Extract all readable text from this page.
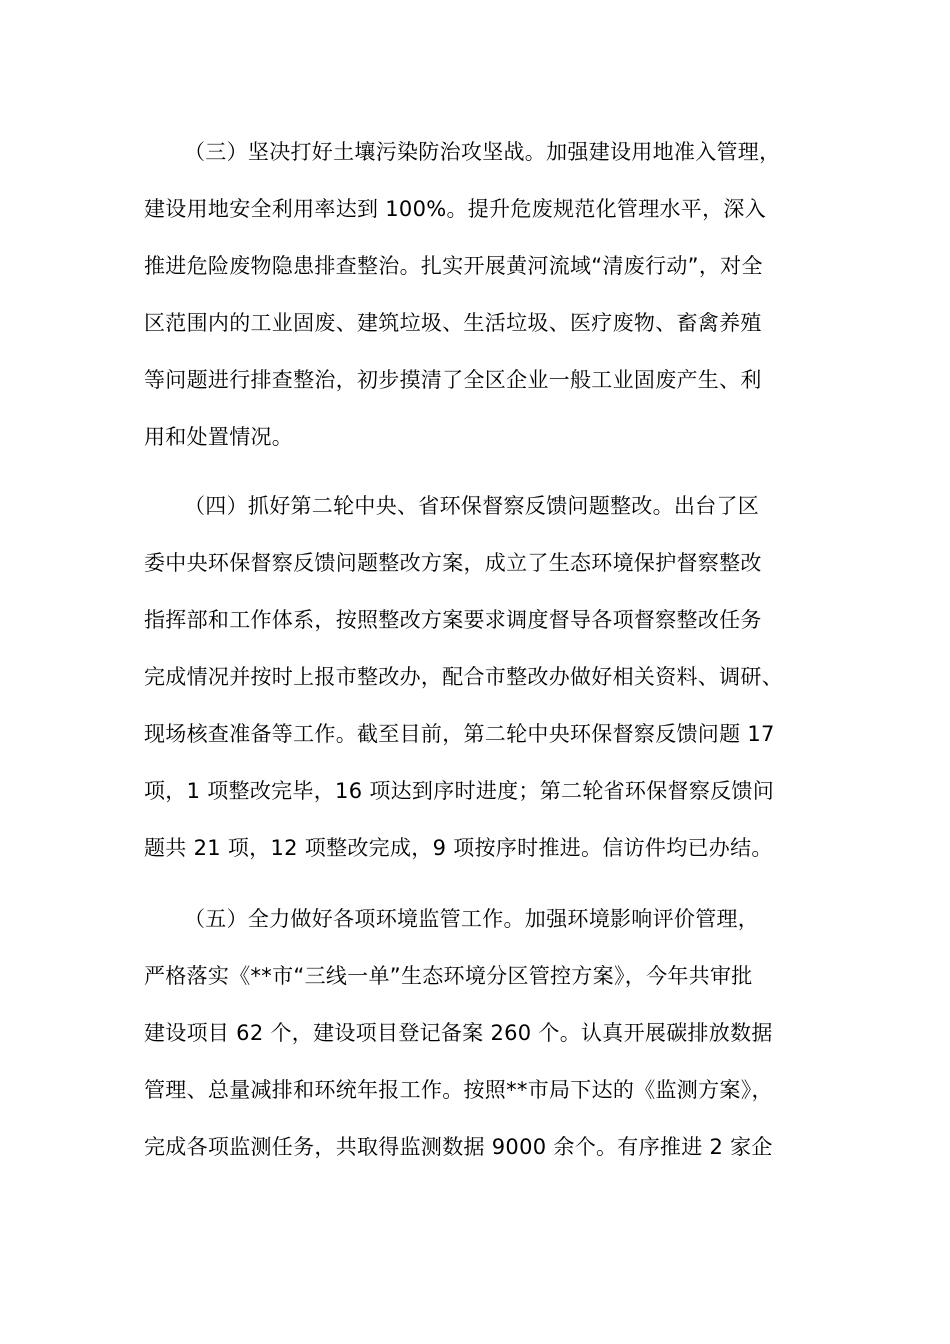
（三）坚决打好土壤污染防治攻坚战。加强建设用地准入管理，
建设用地安全利用率达到 100%。提升危废规范化管理水平，深入
推进危险废物隐患排查整治。扎实开展黄河流域“清废行动”，对全
区范围内的工业固废、建筑垃圾、生活垃圾、医疗废物、畜禽养殖
等问题进行排查整治，初步摸清了全区企业一般工业固废产生、利
用和处置情况。
（四）抓好第二轮中央、省环保督察反馈问题整改。出台了区
委中央环保督察反馈问题整改方案，成立了生态环境保护督察整改
指挥部和工作体系，按照整改方案要求调度督导各项督察整改任务
完成情况并按时上报市整改办，配合市整改办做好相关资料、调研、
现场核查准备等工作。截至目前，第二轮中央环保督察反馈问题 17
项，1 项整改完毕，16 项达到序时进度；第二轮省环保督察反馈问
题共 21 项，12 项整改完成，9 项按序时推进。信访件均已办结。
（五）全力做好各项环境监管工作。加强环境影响评价管理，
严格落实《**市“三线一单”生态环境分区管控方案》，今年共审批
建设项目 62 个，建设项目登记备案 260 个。认真开展碳排放数据
管理、总量减排和环统年报工作。按照**市局下达的《监测方案》，
完成各项监测任务，共取得监测数据 9000 余个。有序推进 2 家企
